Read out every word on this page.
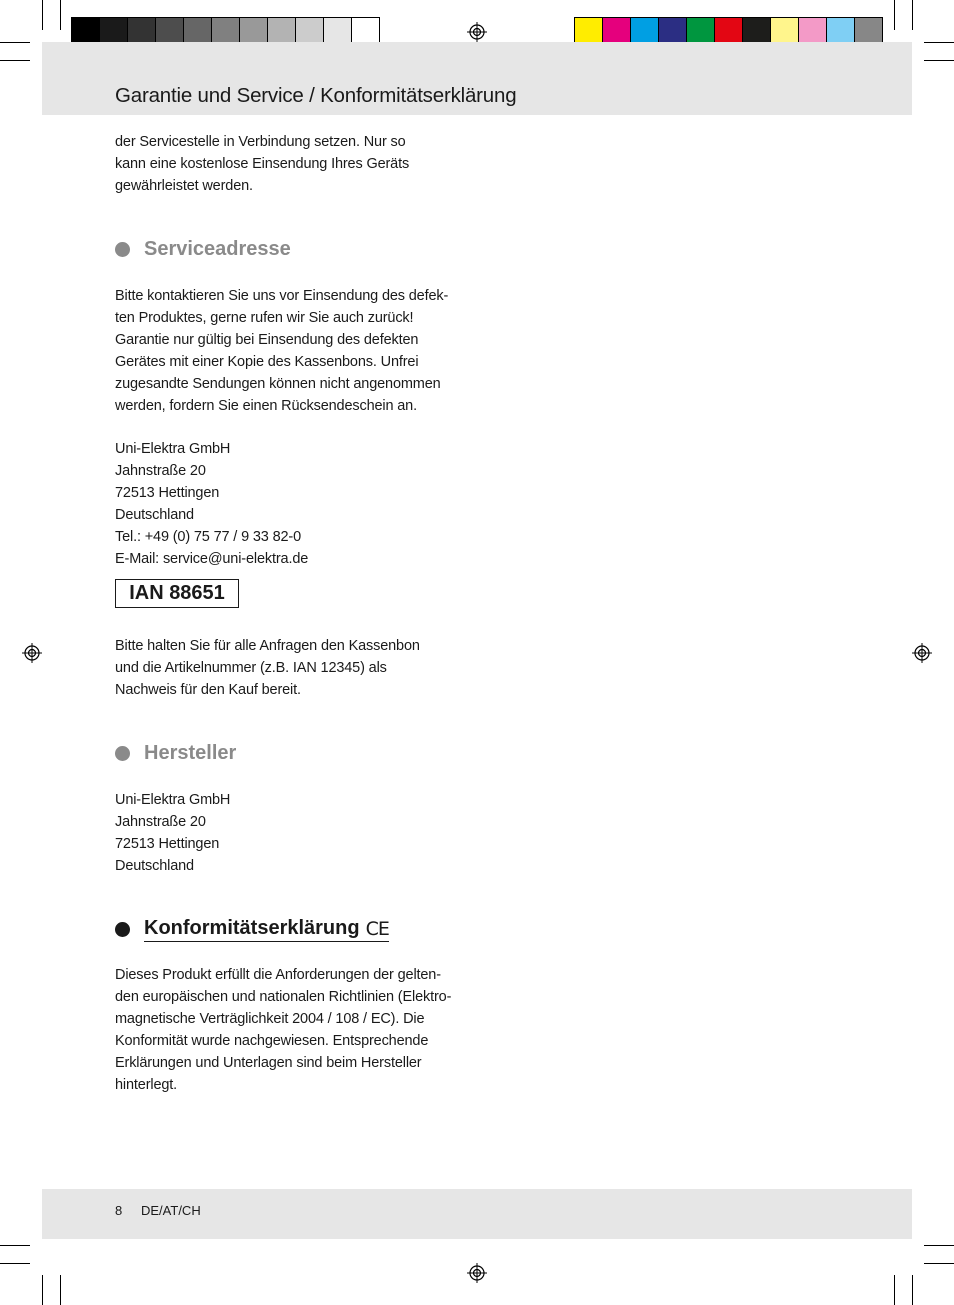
Garantie und Service / Konformitätserklärung
der Servicestelle in Verbindung setzen. Nur so
kann eine kostenlose Einsendung Ihres Geräts
gewährleistet werden.
Serviceadresse
Bitte kontaktieren Sie uns vor Einsendung des defek-
ten Produktes, gerne rufen wir Sie auch zurück!
Garantie nur gültig bei Einsendung des defekten
Gerätes mit einer Kopie des Kassenbons. Unfrei
zugesandte Sendungen können nicht angenommen
werden, fordern Sie einen Rücksendeschein an.
Uni-Elektra GmbH
Jahnstraße 20
72513 Hettingen
Deutschland
Tel.: +49 (0) 75 77 / 9 33 82-0
E-Mail: service@uni-elektra.de
IAN 88651
Bitte halten Sie für alle Anfragen den Kassenbon
und die Artikelnummer (z.B. IAN 12345) als
Nachweis für den Kauf bereit.
Hersteller
Uni-Elektra GmbH
Jahnstraße 20
72513 Hettingen
Deutschland
Konformitätserklärung CE
Dieses Produkt erfüllt die Anforderungen der gelten-
den europäischen und nationalen Richtlinien (Elektro-
magnetische Verträglichkeit 2004 / 108 / EC). Die
Konformität wurde nachgewiesen. Entsprechende
Erklärungen und Unterlagen sind beim Hersteller
hinterlegt.
8 DE/AT/CH
